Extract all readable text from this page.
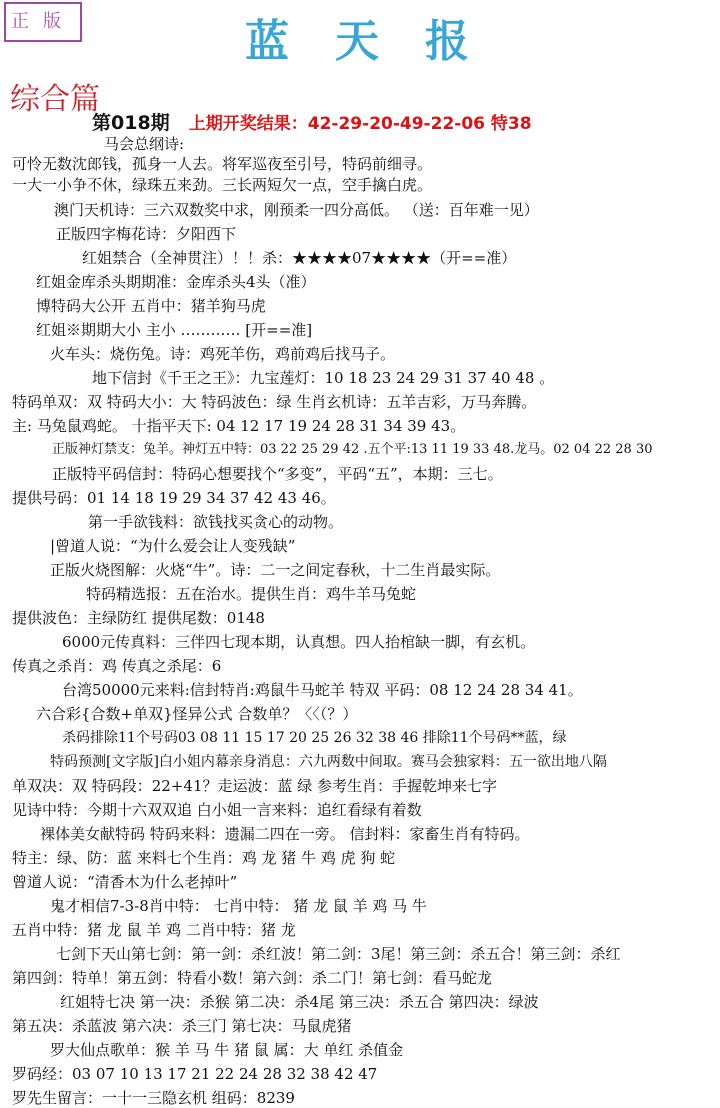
正版	蓝天报
综合篇
第018期 上期开奖结果：42-29-20-49-22-06 特38
马会总纲诗:
可怜无数沈郎钱，孤身一人去。将军巡夜至引号，特码前细寻。
一大一小争不休，绿珠五来劲。三长两短欠一点，空手擒白虎。
澳门天机诗：三六双数奖中求，刚预柔一四分高低。 （送：百年难一见）
正版四字梅花诗：夕阳西下
红姐禁合（全神贯注）！！杀：★★★★07★★★★（开==准）
红姐金库杀头期期准：金库杀头4头（准）
博特码大公开 五肖中：猪羊狗马虎
红姐※期期大小 主小 ………… [开==准]
火车头：烧伤兔。诗：鸡死羊伤，鸡前鸡后找马子。
地下信封《千王之王》：九宝莲灯：10 18 23 24 29 31 37 40 48 。
特码单双：双 特码大小：大 特码波色：绿 生肖玄机诗：五羊吉彩，万马奔腾。
主: 马兔鼠鸡蛇。 十指平天下: 04 12 17 19 24 28 31 34 39 43。
正版神灯禁支：兔羊。神灯五中特：03 22 25 29 42 .五个平:13 11 19 33 48.龙马。02 04 22 28 30
正版特平码信封：特码心想要找个“多变”，平码“五”，本期：三七。
提供号码：01 14 18 19 29 34 37 42 43 46。
第一手欲钱料：欲钱找买贪心的动物。
|曾道人说：“为什么爱会让人变残缺”
正版火烧图解：火烧“牛”。诗：二一之间定春秋，十二生肖最实际。
特码精选报：五在治水。提供生肖：鸡牛羊马兔蛇
提供波色：主绿防红 提供尾数：0148
6000元传真料：三伴四七现本期，认真想。四人抬棺缺一脚，有玄机。
传真之杀肖：鸡 传真之杀尾：6
台湾50000元来料:信封特肖:鸡鼠牛马蛇羊 特双 平码：08 12 24 28 34 41。
六合彩{合数+单双}怪异公式 合数单？〈〈（？）
杀码排除11个号码03 08 11 15 17 20 25 26 32 38 46 排除11个号码**蓝，绿
特码预测[文字版]白小姐内幕亲身消息：六九两数中间取。赛马会独家料：五一欲出地八隔
单双决：双 特码段：22+41？走运波：蓝 绿 参考生肖：手握乾坤来七字
见诗中特：今期十六双双追 白小姐一言来料：追红看绿有着数
裸体美女献特码 特码来料：遗漏二四在一旁。 信封料：家畜生肖有特码。
特主：绿、防：蓝 来料七个生肖：鸡 龙 猪 牛 鸡 虎 狗 蛇
曾道人说：“清香木为什么老掉叶”
鬼才相信7-3-8肖中特： 七肖中特： 猪 龙 鼠 羊 鸡 马 牛
五肖中特：猪 龙 鼠 羊 鸡 二肖中特：猪 龙
七剑下天山第七剑：第一剑：杀红波！第二剑：3尾！第三剑：杀五合！第三剑：杀红
第四剑：特单！第五剑：特看小数！第六剑：杀二门！第七剑：看马蛇龙
红姐特七决 第一决：杀猴 第二决：杀4尾 第三决：杀五合 第四决：绿波
第五决：杀蓝波 第六决：杀三门 第七决：马鼠虎猪
罗大仙点歌单：猴 羊 马 牛 猪 鼠 属：大 单红 杀值金
罗码经：03 07 10 13 17 21 22 24 28 32 38 42 47
罗先生留言：一十一三隐玄机 组码：8239
